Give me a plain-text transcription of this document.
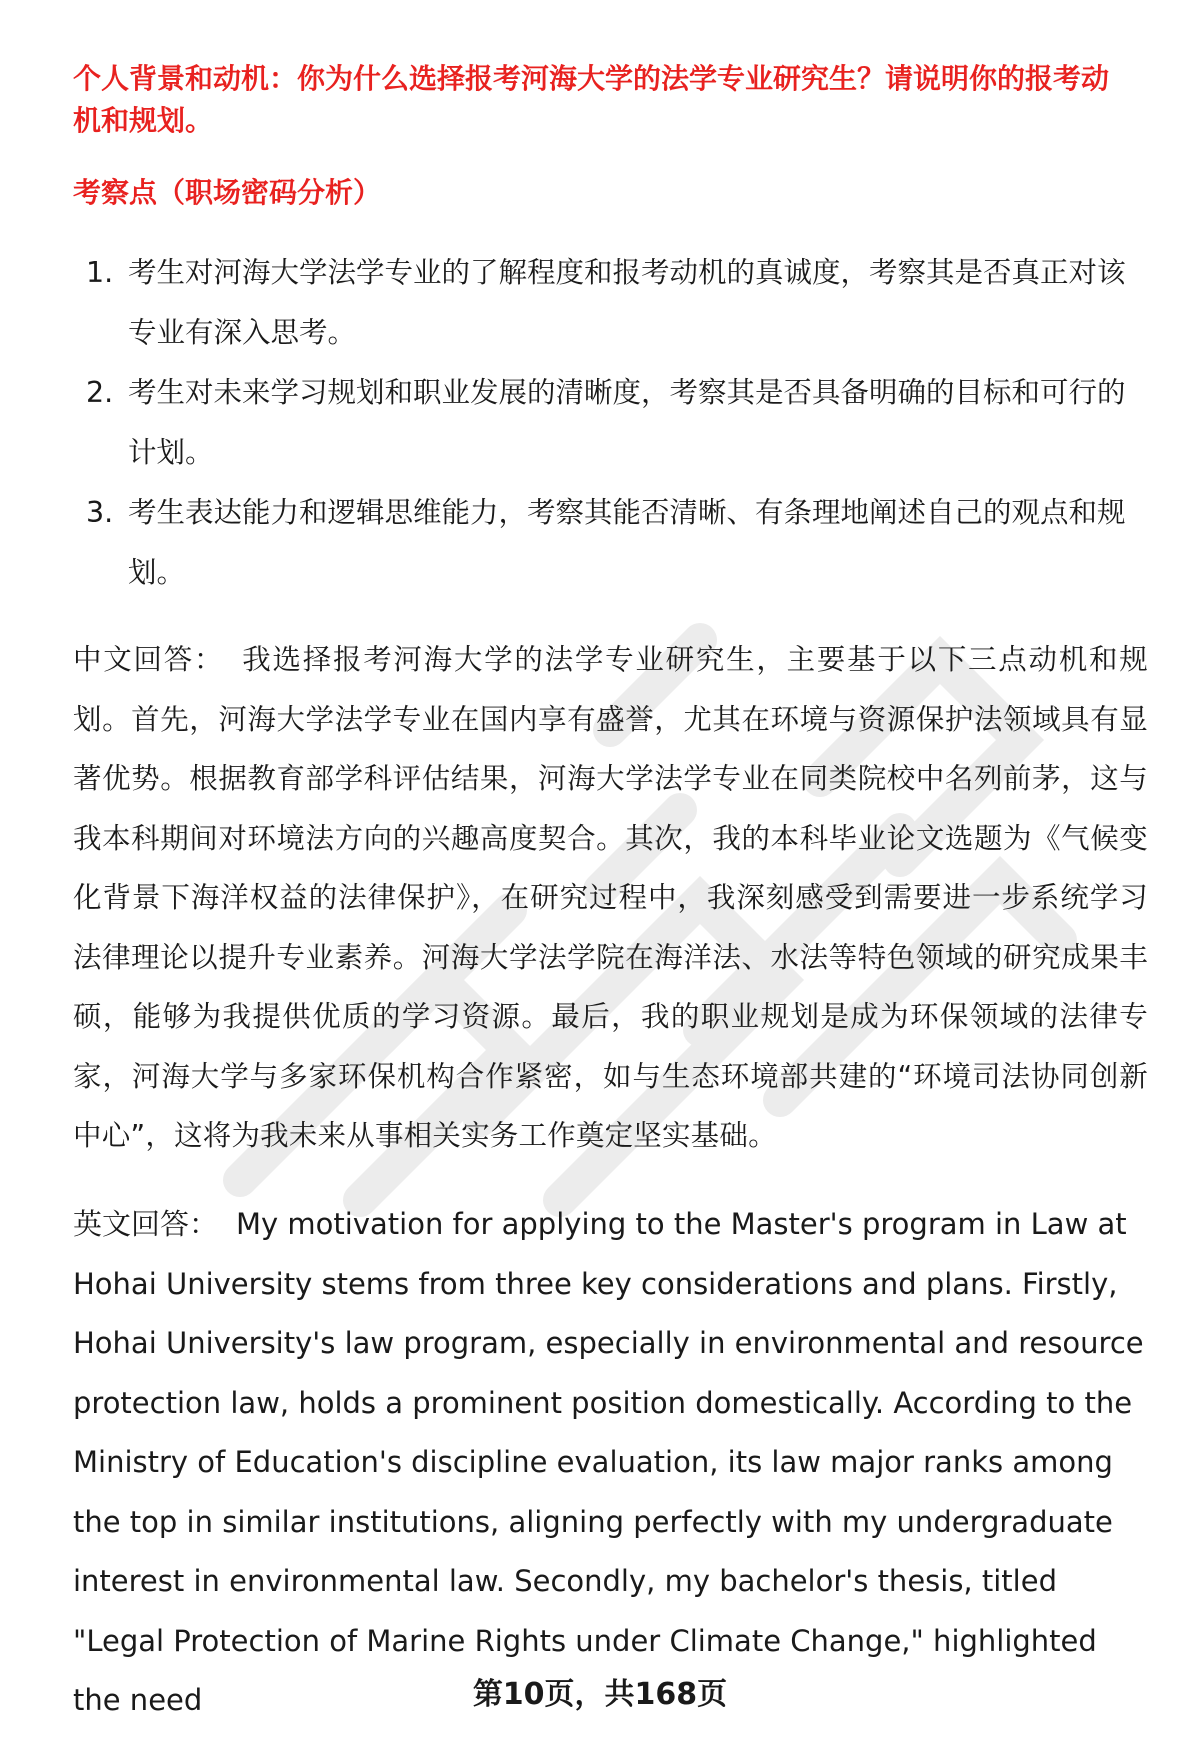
个人背景和动机：你为什么选择报考河海大学的法学专业研究生？请说明你的报考动机和规划。

考察点（职场密码分析）

1. 考生对河海大学法学专业的了解程度和报考动机的真诚度，考察其是否真正对该专业有深入思考。
2. 考生对未来学习规划和职业发展的清晰度，考察其是否具备明确的目标和可行的计划。
3. 考生表达能力和逻辑思维能力，考察其能否清晰、有条理地阐述自己的观点和规划。

中文回答： 我选择报考河海大学的法学专业研究生，主要基于以下三点动机和规划。首先，河海大学法学专业在国内享有盛誉，尤其在环境与资源保护法领域具有显著优势。根据教育部学科评估结果，河海大学法学专业在同类院校中名列前茅，这与我本科期间对环境法方向的兴趣高度契合。其次，我的本科毕业论文选题为《气候变化背景下海洋权益的法律保护》，在研究过程中，我深刻感受到需要进一步系统学习法律理论以提升专业素养。河海大学法学院在海洋法、水法等特色领域的研究成果丰硕，能够为我提供优质的学习资源。最后，我的职业规划是成为环保领域的法律专家，河海大学与多家环保机构合作紧密，如与生态环境部共建的“环境司法协同创新中心”，这将为我未来从事相关实务工作奠定坚实基础。

英文回答： My motivation for applying to the Master's program in Law at Hohai University stems from three key considerations and plans. Firstly, Hohai University's law program, especially in environmental and resource protection law, holds a prominent position domestically. According to the Ministry of Education's discipline evaluation, its law major ranks among the top in similar institutions, aligning perfectly with my undergraduate interest in environmental law. Secondly, my bachelor's thesis, titled "Legal Protection of Marine Rights under Climate Change," highlighted the need	第10页，共168页
